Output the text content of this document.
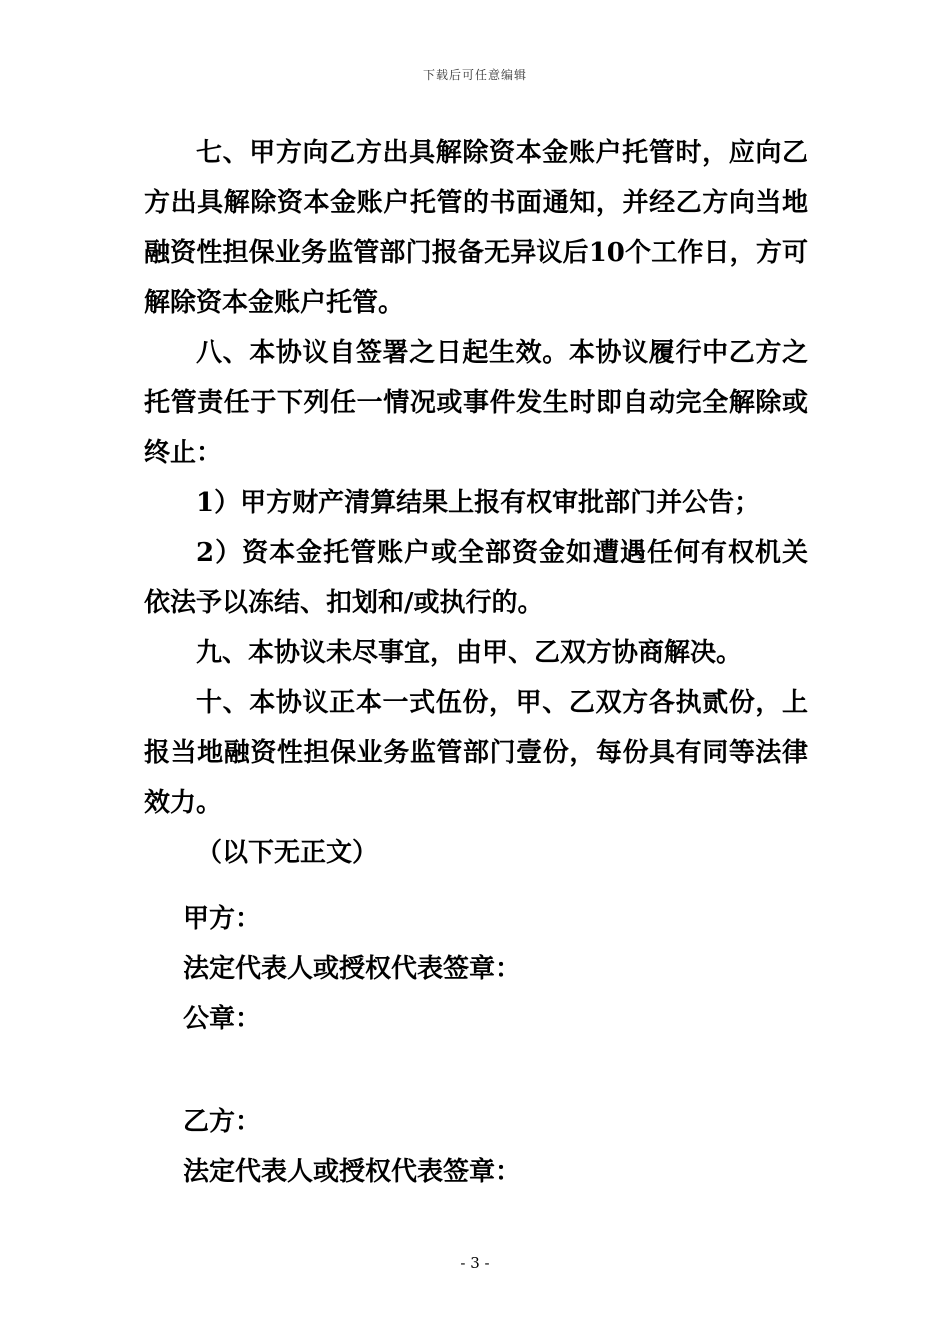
下载后可任意编辑

七、甲方向乙方出具解除资本金账户托管时，应向乙方出具解除资本金账户托管的书面通知，并经乙方向当地融资性担保业务监管部门报备无异议后10个工作日，方可解除资本金账户托管。

八、本协议自签署之日起生效。本协议履行中乙方之托管责任于下列任一情况或事件发生时即自动完全解除或终止：

1）甲方财产清算结果上报有权审批部门并公告；

2）资本金托管账户或全部资金如遭遇任何有权机关依法予以冻结、扣划和/或执行的。

九、本协议未尽事宜，由甲、乙双方协商解决。

十、本协议正本一式伍份，甲、乙双方各执贰份，上报当地融资性担保业务监管部门壹份，每份具有同等法律效力。

（以下无正文）

甲方：
法定代表人或授权代表签章：
公章：
乙方：
法定代表人或授权代表签章：
- 3 -
